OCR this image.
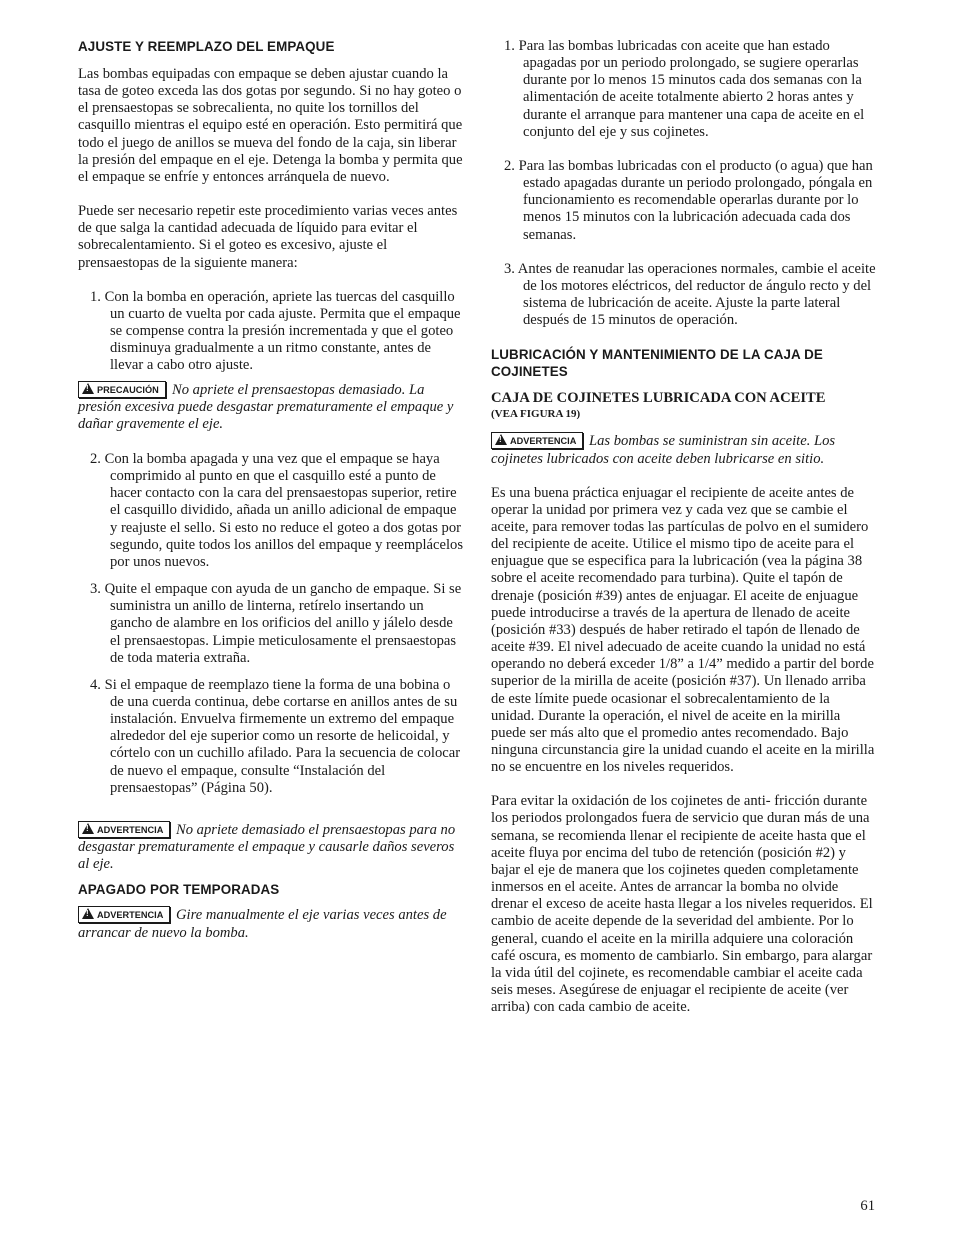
AJUSTE Y REEMPLAZO DEL EMPAQUE

Las bombas equipadas con empaque se deben ajustar cuando la tasa de goteo exceda las dos gotas por segundo. Si no hay goteo o el prensaestopas se sobrecalienta, no quite los tornillos del casquillo mientras el equipo esté en operación. Esto permitirá que todo el juego de anillos se mueva del fondo de la caja, sin liberar la presión del empaque en el eje. Detenga la bomba y permita que el empaque se enfríe y entonces arránquela de nuevo.

Puede ser necesario repetir este procedimiento varias veces antes de que salga la cantidad adecuada de líquido para evitar el sobrecalentamiento. Si el goteo es excesivo, ajuste el prensaestopas de la siguiente manera:

1. Con la bomba en operación, apriete las tuercas del casquillo un cuarto de vuelta por cada ajuste. Permita que el empaque se compense contra la presión incrementada y que el goteo disminuya gradualmente a un ritmo constante, antes de llevar a cabo otro ajuste.

!PRECAUCIÓN No apriete el prensaestopas demasiado. La presión excesiva puede desgastar prematuramente el empaque y dañar gravemente el eje.

2. Con la bomba apagada y una vez que el empaque se haya comprimido al punto en que el casquillo esté a punto de hacer contacto con la cara del prensaestopas superior, retire el casquillo dividido, añada un anillo adicional de empaque y reajuste el sello. Si esto no reduce el goteo a dos gotas por segundo, quite todos los anillos del empaque y reemplácelos por unos nuevos.

3. Quite el empaque con ayuda de un gancho de empaque. Si se suministra un anillo de linterna, retírelo insertando un gancho de alambre en los orificios del anillo y jálelo desde el prensaestopas. Limpie meticulosamente el prensaestopas de toda materia extraña.

4. Si el empaque de reemplazo tiene la forma de una bobina o de una cuerda continua, debe cortarse en anillos antes de su instalación. Envuelva firmemente un extremo del empaque alrededor del eje superior como un resorte de helicoidal, y córtelo con un cuchillo afilado. Para la secuencia de colocar de nuevo el empaque, consulte “Instalación del prensaestopas” (Página 50).

!ADVERTENCIA No apriete demasiado el prensaestopas para no desgastar prematuramente el empaque y causarle daños severos al eje.

APAGADO POR TEMPORADAS

!ADVERTENCIA Gire manualmente el eje varias veces antes de arrancar de nuevo la bomba.

1. Para las bombas lubricadas con aceite que han estado apagadas por un periodo prolongado, se sugiere operarlas durante por lo menos 15 minutos cada dos semanas con la alimentación de aceite totalmente abierto 2 horas antes y durante el arranque para mantener una capa de aceite en el conjunto del eje y sus cojinetes.

2. Para las bombas lubricadas con el producto (o agua) que han estado apagadas durante un periodo prolongado, póngala en funcionamiento es recomendable operarlas durante por lo menos 15 minutos con la lubricación adecuada cada dos semanas.

3. Antes de reanudar las operaciones normales, cambie el aceite de los motores eléctricos, del reductor de ángulo recto y del sistema de lubricación de aceite. Ajuste la parte lateral después de 15 minutos de operación.

LUBRICACIÓN Y MANTENIMIENTO DE LA CAJA DE COJINETES
CAJA DE COJINETES LUBRICADA CON ACEITE
(VEA FIGURA 19)

!ADVERTENCIA Las bombas se suministran sin aceite. Los cojinetes lubricados con aceite deben lubricarse en sitio.

Es una buena práctica enjuagar el recipiente de aceite antes de operar la unidad por primera vez y cada vez que se cambie el aceite, para remover todas las partículas de polvo en el sumidero del recipiente de aceite. Utilice el mismo tipo de aceite para el enjuague que se especifica para la lubricación (vea la página 38 sobre el aceite recomendado para turbina). Quite el tapón de drenaje (posición #39) antes de enjuagar. El aceite de enjuague puede introducirse a través de la apertura de llenado de aceite (posición #33) después de haber retirado el tapón de llenado de aceite #39. El nivel adecuado de aceite cuando la unidad no está operando no deberá exceder 1/8” a 1/4” medido a partir del borde superior de la mirilla de aceite (posición #37). Un llenado arriba de este límite puede ocasionar el sobrecalentamiento de la unidad. Durante la operación, el nivel de aceite en la mirilla puede ser más alto que el promedio antes recomendado. Bajo ninguna circunstancia gire la unidad cuando el aceite en la mirilla no se encuentre en los niveles requeridos.

Para evitar la oxidación de los cojinetes de anti- fricción durante los periodos prolongados fuera de servicio que duran más de una semana, se recomienda llenar el recipiente de aceite hasta que el aceite fluya por encima del tubo de retención (posición #2) y bajar el eje de manera que los cojinetes queden completamente inmersos en el aceite. Antes de arrancar la bomba no olvide drenar el exceso de aceite hasta llegar a los niveles requeridos. El cambio de aceite depende de la severidad del ambiente. Por lo general, cuando el aceite en la mirilla adquiere una coloración café oscura, es momento de cambiarlo. Sin embargo, para alargar la vida útil del cojinete, es recomendable cambiar el aceite cada seis meses. Asegúrese de enjuagar el recipiente de aceite (ver arriba) con cada cambio de aceite.

61
